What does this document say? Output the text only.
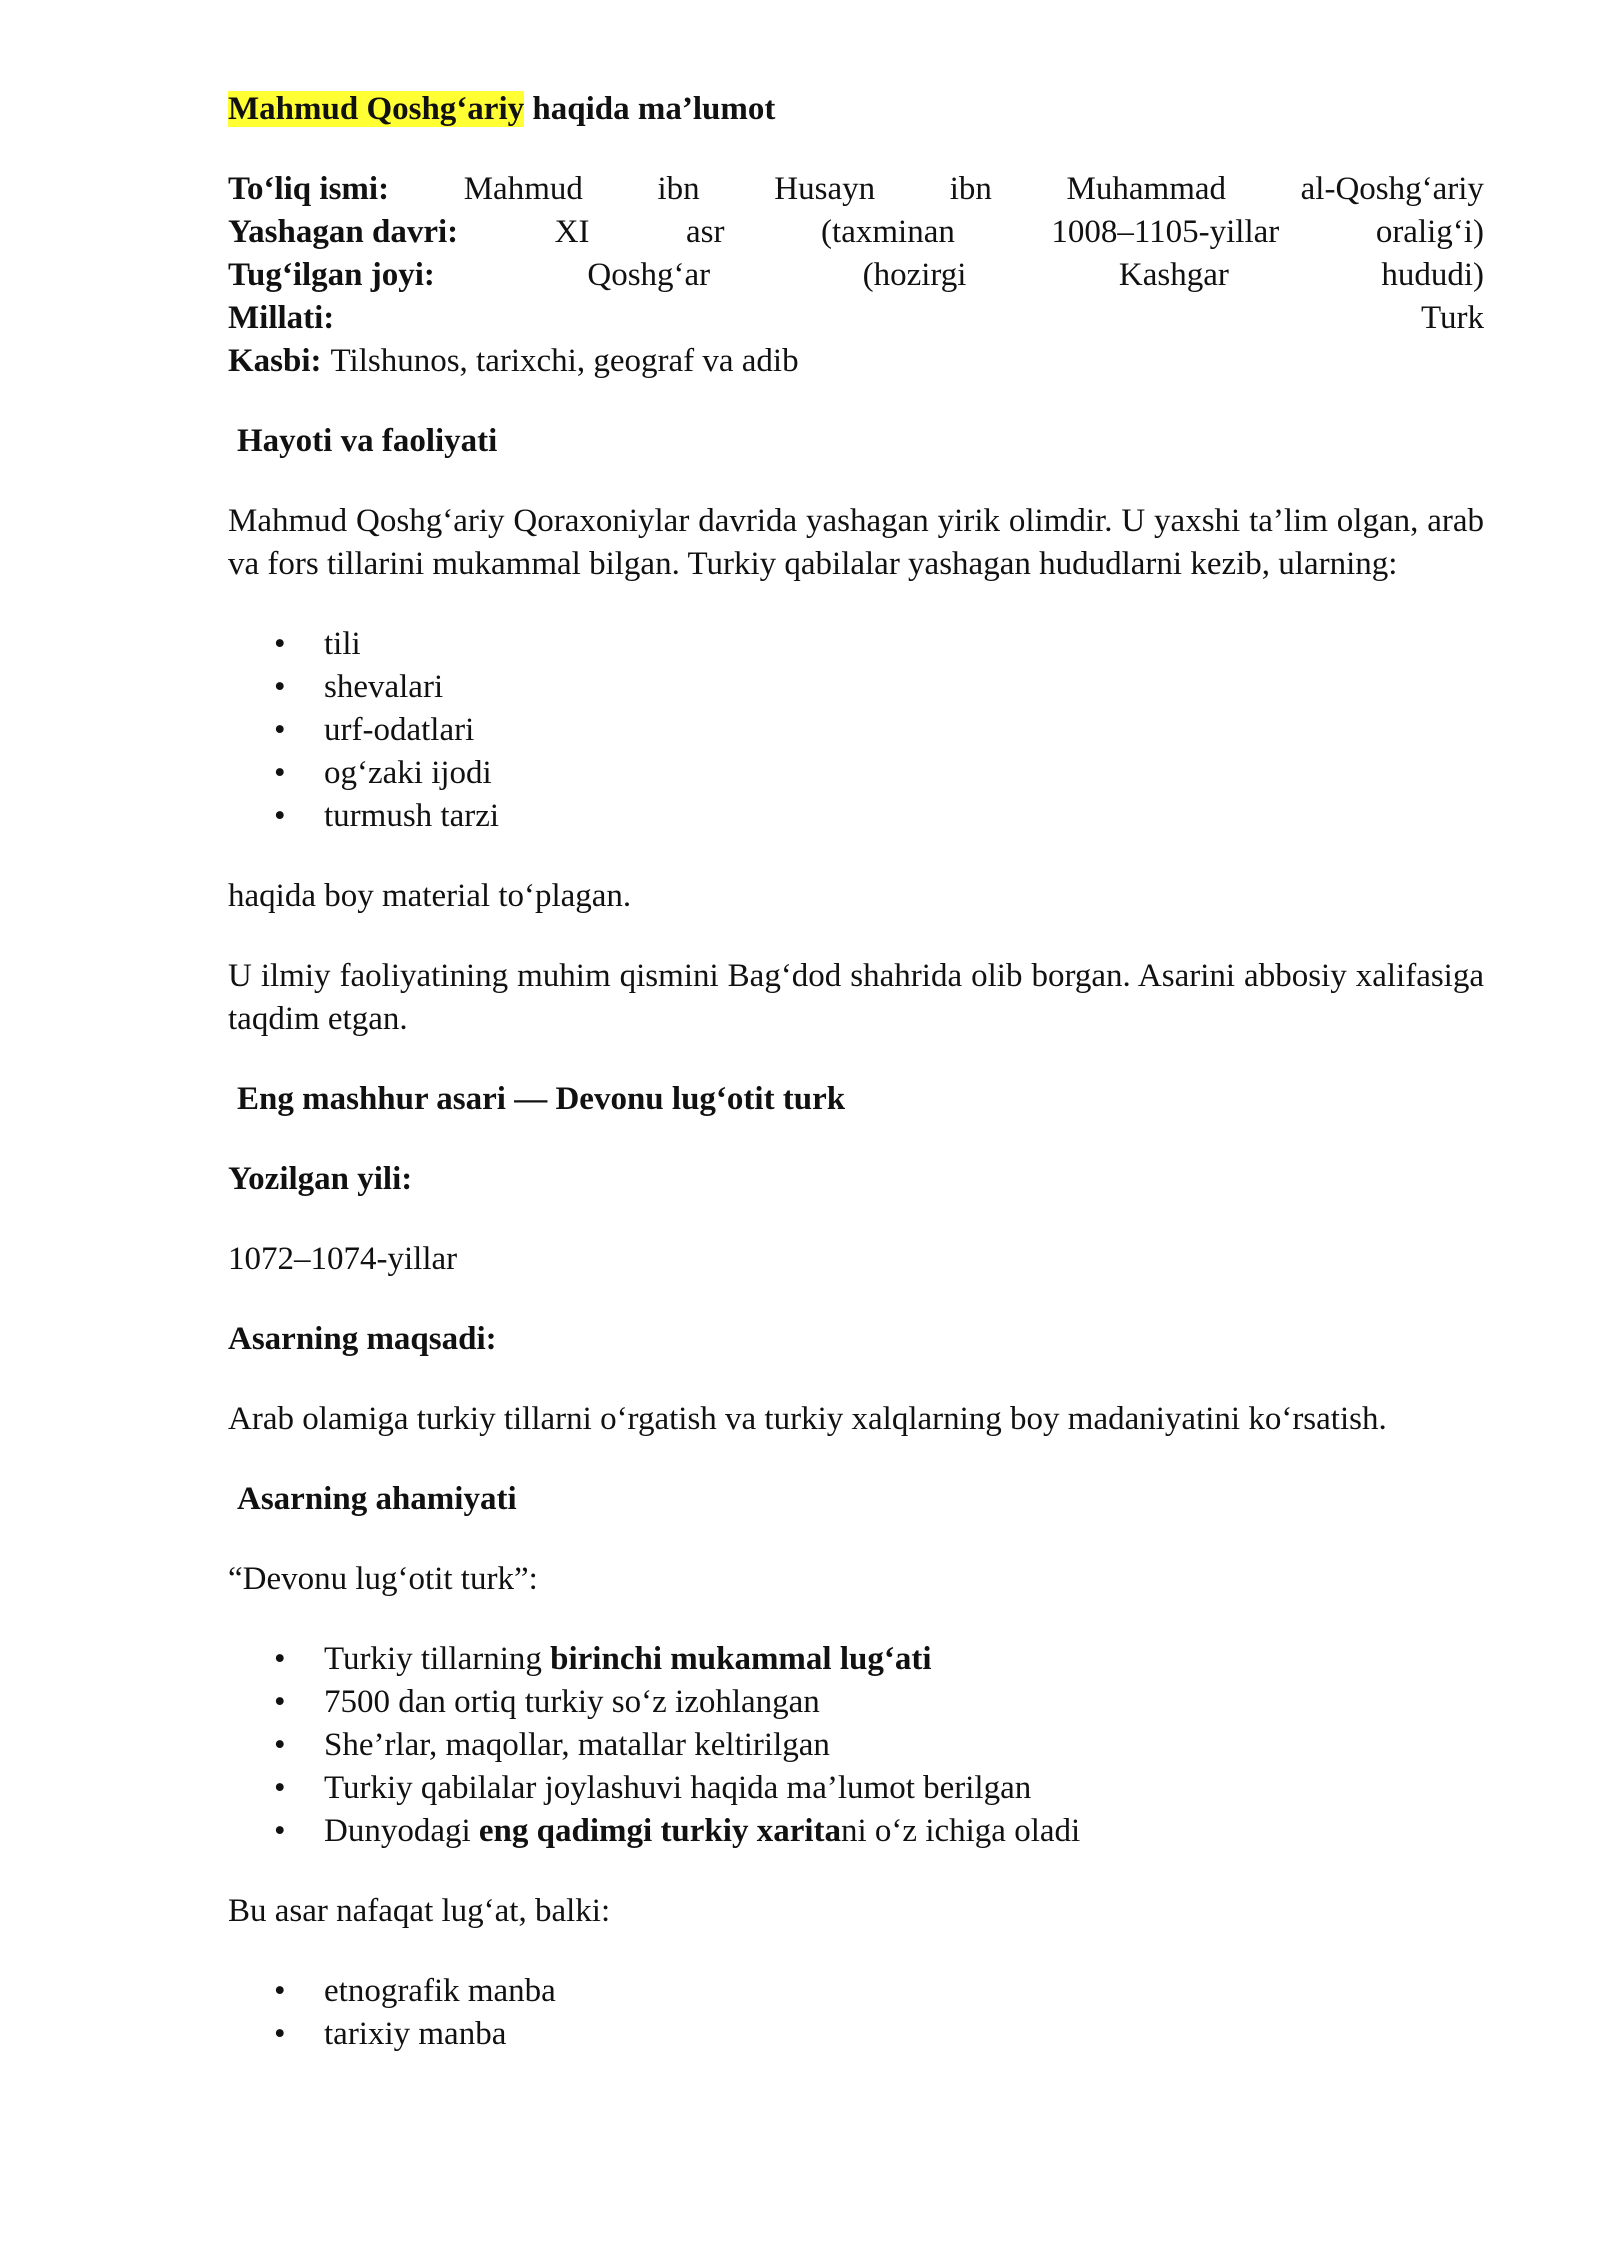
Mahmud Qoshg‘ariy haqida ma’lumot

To‘liq ismi: Mahmud ibn Husayn ibn Muhammad al-Qoshg‘ariy
Yashagan davri:	XI	asr	(taxminan	1008–1105-yillar	oralig‘i)
Tug‘ilgan joyi:	Qoshg‘ar	(hozirgi	Kashgar	hududi)
Millati:	Turk
Kasbi: Tilshunos, tarixchi, geograf va adib
Hayoti va faoliyati

Mahmud Qoshg‘ariy Qoraxoniylar davrida yashagan yirik olimdir. U yaxshi ta’lim olgan, arab va fors tillarini mukammal bilgan. Turkiy qabilalar yashagan hududlarni kezib, ularning:

• tili
• shevalari
• urf-odatlari
• og‘zaki ijodi
• turmush tarzi

haqida boy material to‘plagan.

U ilmiy faoliyatining muhim qismini Bag‘dod shahrida olib borgan. Asarini abbosiy xalifasiga taqdim etgan.

Eng mashhur asari — Devonu lug‘otit turk
Yozilgan yili:

1072–1074-yillar

Asarning maqsadi:

Arab olamiga turkiy tillarni o‘rgatish va turkiy xalqlarning boy madaniyatini ko‘rsatish.

Asarning ahamiyati

“Devonu lug‘otit turk”:

• Turkiy tillarning birinchi mukammal lug‘ati
• 7500 dan ortiq turkiy so‘z izohlangan
• She’rlar, maqollar, matallar keltirilgan
• Turkiy qabilalar joylashuvi haqida ma’lumot berilgan
• Dunyodagi eng qadimgi turkiy xaritani o‘z ichiga oladi

Bu asar nafaqat lug‘at, balki:

• etnografik manba
• tarixiy manba
